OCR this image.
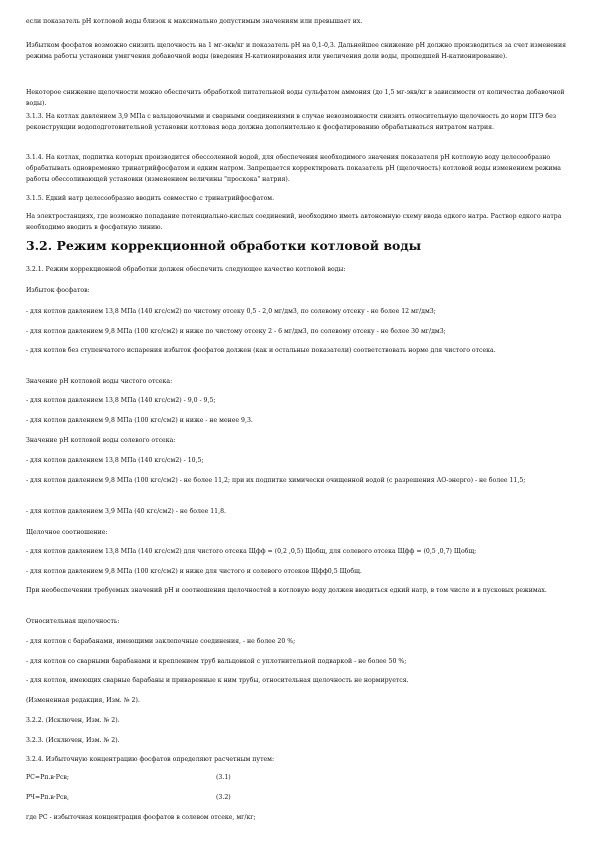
если показатель pH котловой воды близок к максимально допустимым значениям или превышает их.

Избытком фосфатов возможно снизить щелочность на 1 мг-экв/кг и показатель pH на 0,1-0,3. Дальнейшее снижение pH должно производиться за счет изменения режима работы установки умягчения добавочной воды (введения Н-катионирования или увеличения доли воды, прошедшей Н-катионирование).

Некоторое снижение щелочности можно обеспечить обработкой питательной воды сульфатом аммония (до 1,5 мг-экв/кг в зависимости от количества добавочной воды).

3.1.3. На котлах давлением 3,9 МПа с вальцовочными и сварными соединениями в случае невозможности снизить относительную щелочность до норм ПТЭ без реконструкции водоподготовительной установки котловая вода должна дополнительно к фосфатированию обрабатываться нитратом натрия.

3.1.4. На котлах, подпитка которых производится обессоленной водой, для обеспечения необходимого значения показателя pH котловую воду целесообразно обрабатывать одновременно тринатрийфосфатом и едким натром. Запрещается корректировать показатель pH (щелочность) котловой воды изменением режима работы обессоливающей установки (изменением величины "проскока" натрия).

3.1.5. Едкий натр целесообразно вводить совместно с тринатрийфосфатом.

На электростанциях, где возможно попадание потенциально-кислых соединений, необходимо иметь автономную схему ввода едкого натра. Раствор едкого натра необходимо вводить в фосфатную линию.

3.2. Режим коррекционной обработки котловой воды

3.2.1. Режим коррекционной обработки должен обеспечить следующее качество котловой воды:

Избыток фосфатов:

- для котлов давлением 13,8 МПа (140 кгс/см2) по чистому отсеку 0,5 - 2,0 мг/дм3, по солевому отсеку - не более 12 мг/дм3;

- для котлов давлением 9,8 МПа (100 кгс/см2) и ниже по чистому отсеку 2 - 6 мг/дм3, по солевому отсеку - не более 30 мг/дм3;

- для котлов без ступенчатого испарения избыток фосфатов должен (как и остальные показатели) соответствовать норме для чистого отсека.

Значение pH котловой воды чистого отсека:

- для котлов давлением 13,8 МПа (140 кгс/см2) - 9,0 - 9,5;

- для котлов давлением 9,8 МПа (100 кгс/см2) и ниже - не менее 9,3.

Значение pH котловой воды солевого отсека:

- для котлов давлением 13,8 МПа (140 кгс/см2) - 10,5;

- для котлов давлением 9,8 МПа (100 кгс/см2) - не более 11,2; при их подпитке химически очищенной водой (с разрешения АО-энерго) - не более 11,5;

- для котлов давлением 3,9 МПа (40 кгс/см2) - не более 11,8.

Щелочное соотношение:

- для котлов давлением 13,8 МПа (140 кгс/см2) для чистого отсека Щфф = (0,2 ,0,5) Щобщ, для солевого отсека Щфф = (0,5 ,0,7) Щобщ;

- для котлов давлением 9,8 МПа (100 кгс/см2) и ниже для чистого и солевого отсеков Щфф0,5 Щобщ.

При необеспечении требуемых значений pH и соотношения щелочностей в котловую воду должен вводиться едкий натр, в том числе и в пусковых режимах.

Относительная щелочность:

- для котлов с барабанами, имеющими заклепочные соединения, - не более 20 %;

- для котлов со сварными барабанами и креплением труб вальцовкой с уплотнительной подваркой - не более 50 %;

- для котлов, имеющих сварные барабаны и приваренные к ним трубы, относительная щелочность не нормируется.

(Измененная редакция, Изм. № 2).

3.2.2. (Исключен, Изм. № 2).

3.2.3. (Исключен, Изм. № 2).

3.2.4. Избыточную концентрацию фосфатов определяют расчетным путем:

РС=Рп.в·Рсв;	(3.1)
РЧ=Рп.в·Рсв,	(3.2)

где РС - избыточная концентрация фосфатов в солевом отсеке, мг/кг;
